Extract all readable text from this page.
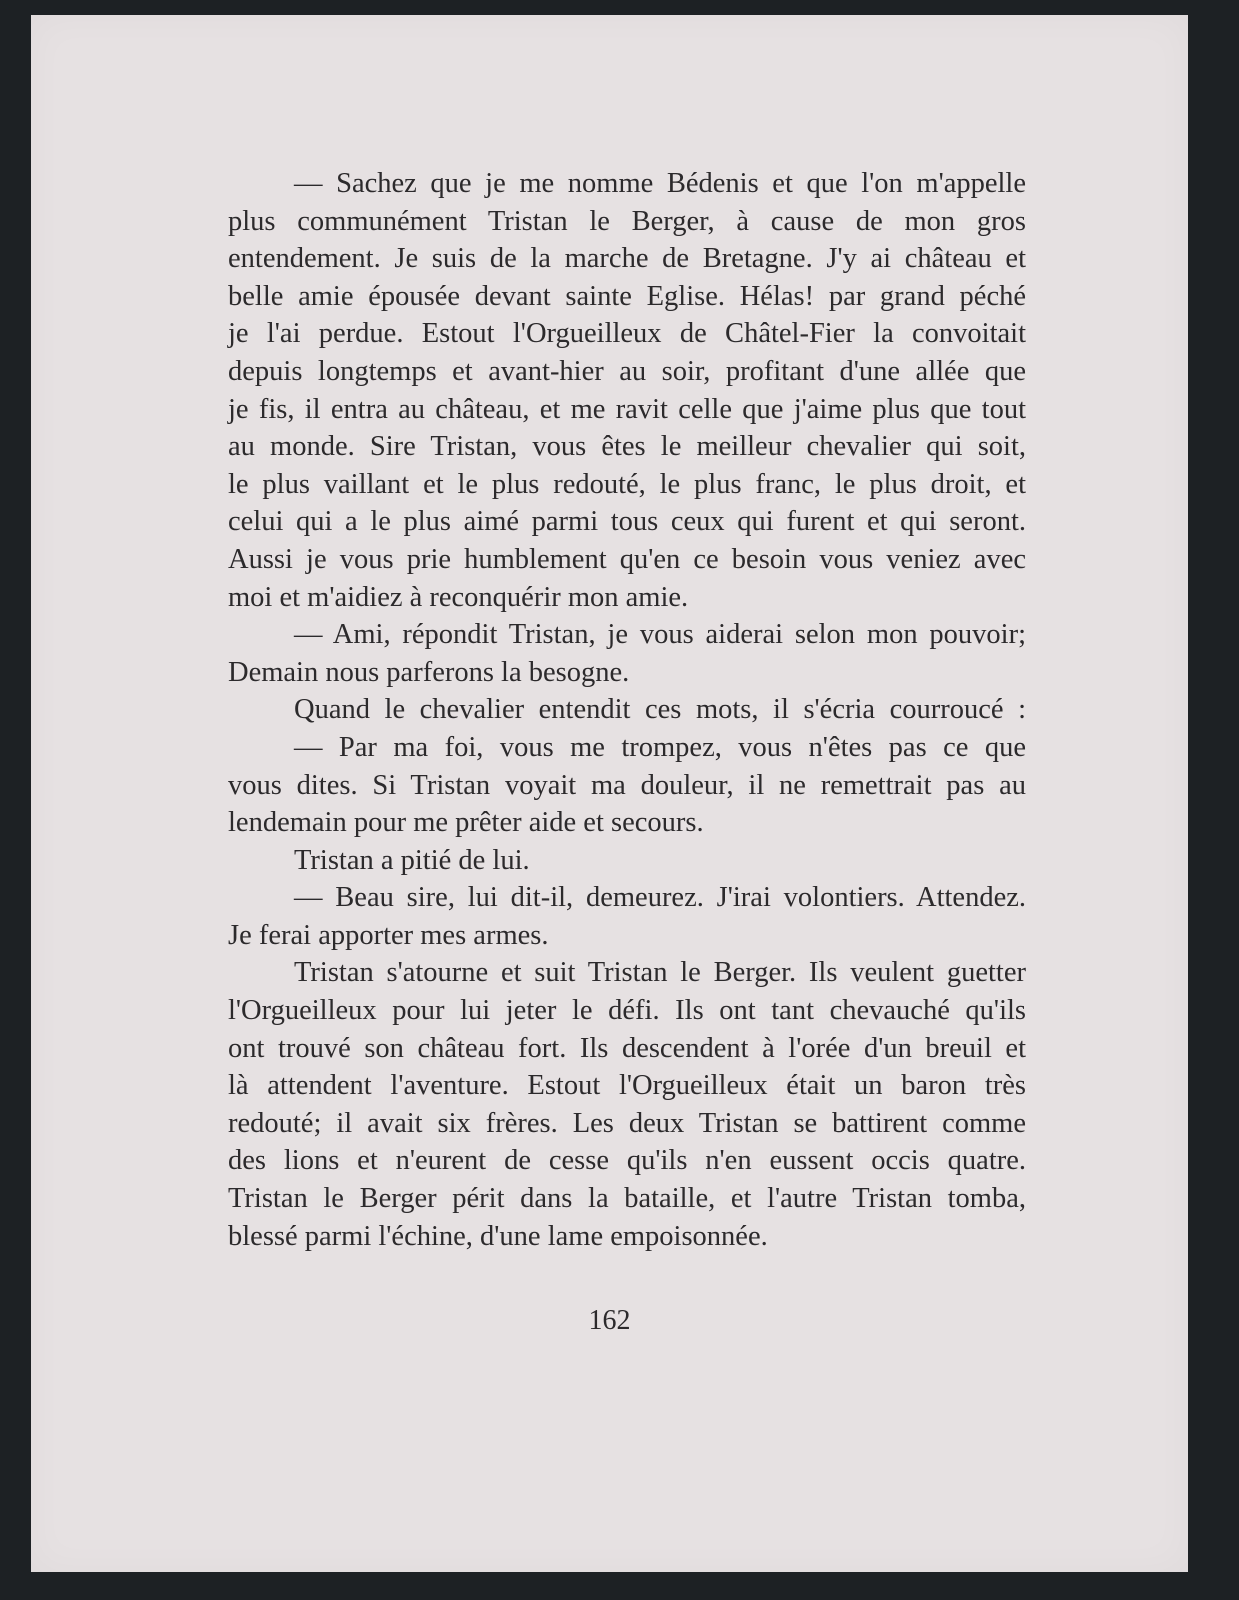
— Sachez que je me nomme Bédenis et que l'on m'appelle
plus communément Tristan le Berger, à cause de mon gros
entendement. Je suis de la marche de Bretagne. J'y ai château et
belle amie épousée devant sainte Eglise. Hélas! par grand péché
je l'ai perdue. Estout l'Orgueilleux de Châtel-Fier la convoitait
depuis longtemps et avant-hier au soir, profitant d'une allée que
je fis, il entra au château, et me ravit celle que j'aime plus que tout
au monde. Sire Tristan, vous êtes le meilleur chevalier qui soit,
le plus vaillant et le plus redouté, le plus franc, le plus droit, et
celui qui a le plus aimé parmi tous ceux qui furent et qui seront.
Aussi je vous prie humblement qu'en ce besoin vous veniez avec
moi et m'aidiez à reconquérir mon amie.
— Ami, répondit Tristan, je vous aiderai selon mon pouvoir;
Demain nous parferons la besogne.
Quand le chevalier entendit ces mots, il s'écria courroucé :
— Par ma foi, vous me trompez, vous n'êtes pas ce que
vous dites. Si Tristan voyait ma douleur, il ne remettrait pas au
lendemain pour me prêter aide et secours.
Tristan a pitié de lui.
— Beau sire, lui dit-il, demeurez. J'irai volontiers. Attendez.
Je ferai apporter mes armes.
Tristan s'atourne et suit Tristan le Berger. Ils veulent guetter
l'Orgueilleux pour lui jeter le défi. Ils ont tant chevauché qu'ils
ont trouvé son château fort. Ils descendent à l'orée d'un breuil et
là attendent l'aventure. Estout l'Orgueilleux était un baron très
redouté; il avait six frères. Les deux Tristan se battirent comme
des lions et n'eurent de cesse qu'ils n'en eussent occis quatre.
Tristan le Berger périt dans la bataille, et l'autre Tristan tomba,
blessé parmi l'échine, d'une lame empoisonnée.
162
